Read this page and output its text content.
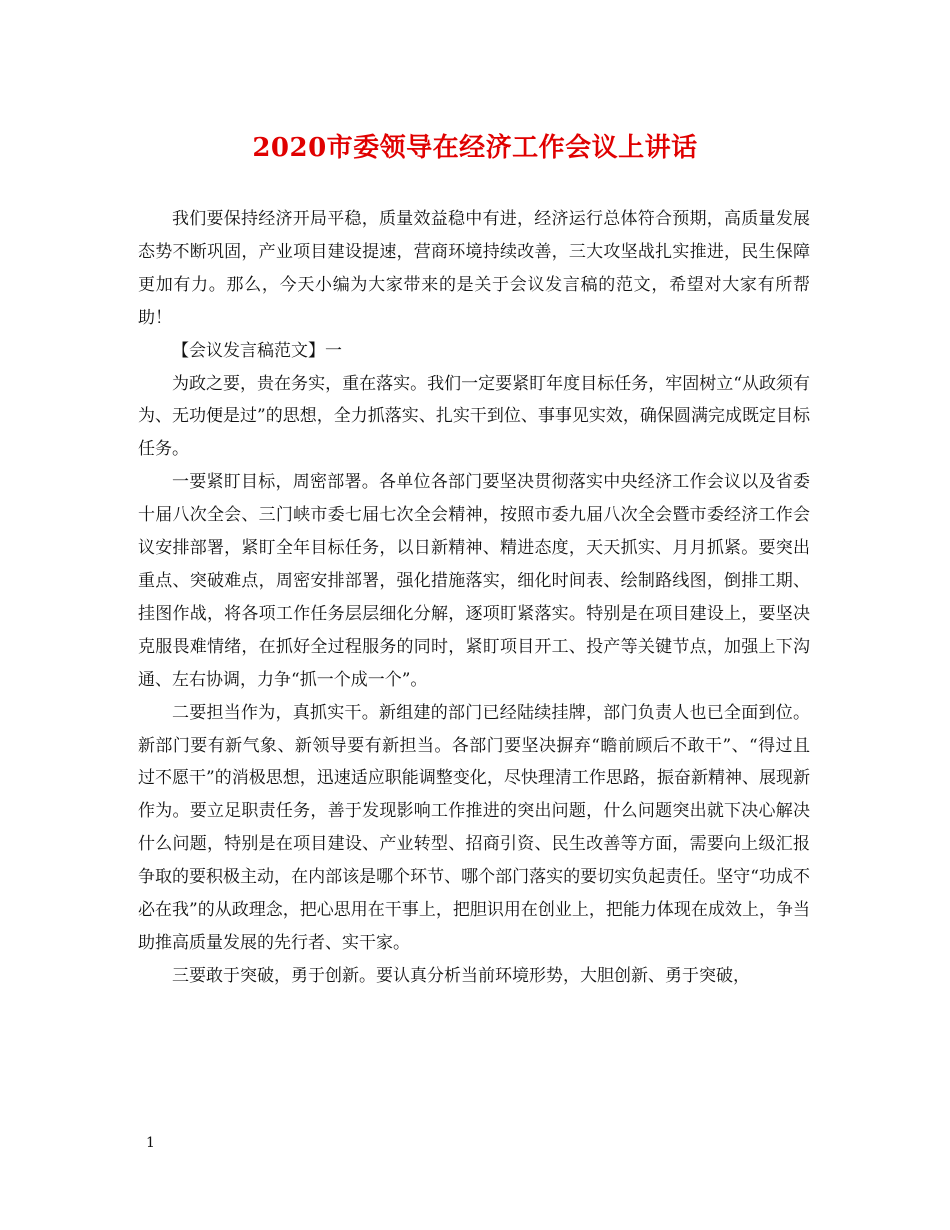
2020市委领导在经济工作会议上讲话

我们要保持经济开局平稳，质量效益稳中有进，经济运行总体符合预期，高质量发展态势不断巩固，产业项目建设提速，营商环境持续改善，三大攻坚战扎实推进，民生保障更加有力。那么，今天小编为大家带来的是关于会议发言稿的范文，希望对大家有所帮助！

【会议发言稿范文】一

为政之要，贵在务实，重在落实。我们一定要紧盯年度目标任务，牢固树立“从政须有为、无功便是过”的思想，全力抓落实、扎实干到位、事事见实效，确保圆满完成既定目标任务。

一要紧盯目标，周密部署。各单位各部门要坚决贯彻落实中央经济工作会议以及省委十届八次全会、三门峡市委七届七次全会精神，按照市委九届八次全会暨市委经济工作会议安排部署，紧盯全年目标任务，以日新精神、精进态度，天天抓实、月月抓紧。要突出重点、突破难点，周密安排部署，强化措施落实，细化时间表、绘制路线图，倒排工期、挂图作战，将各项工作任务层层细化分解，逐项盯紧落实。特别是在项目建设上，要坚决克服畏难情绪，在抓好全过程服务的同时，紧盯项目开工、投产等关键节点，加强上下沟通、左右协调，力争“抓一个成一个”。

二要担当作为，真抓实干。新组建的部门已经陆续挂牌，部门负责人也已全面到位。新部门要有新气象、新领导要有新担当。各部门要坚决摒弃“瞻前顾后不敢干”、“得过且过不愿干”的消极思想，迅速适应职能调整变化，尽快理清工作思路，振奋新精神、展现新作为。要立足职责任务，善于发现影响工作推进的突出问题，什么问题突出就下决心解决什么问题，特别是在项目建设、产业转型、招商引资、民生改善等方面，需要向上级汇报争取的要积极主动，在内部该是哪个环节、哪个部门落实的要切实负起责任。坚守“功成不必在我”的从政理念，把心思用在干事上，把胆识用在创业上，把能力体现在成效上，争当助推高质量发展的先行者、实干家。

三要敢于突破，勇于创新。要认真分析当前环境形势，大胆创新、勇于突破，

1
